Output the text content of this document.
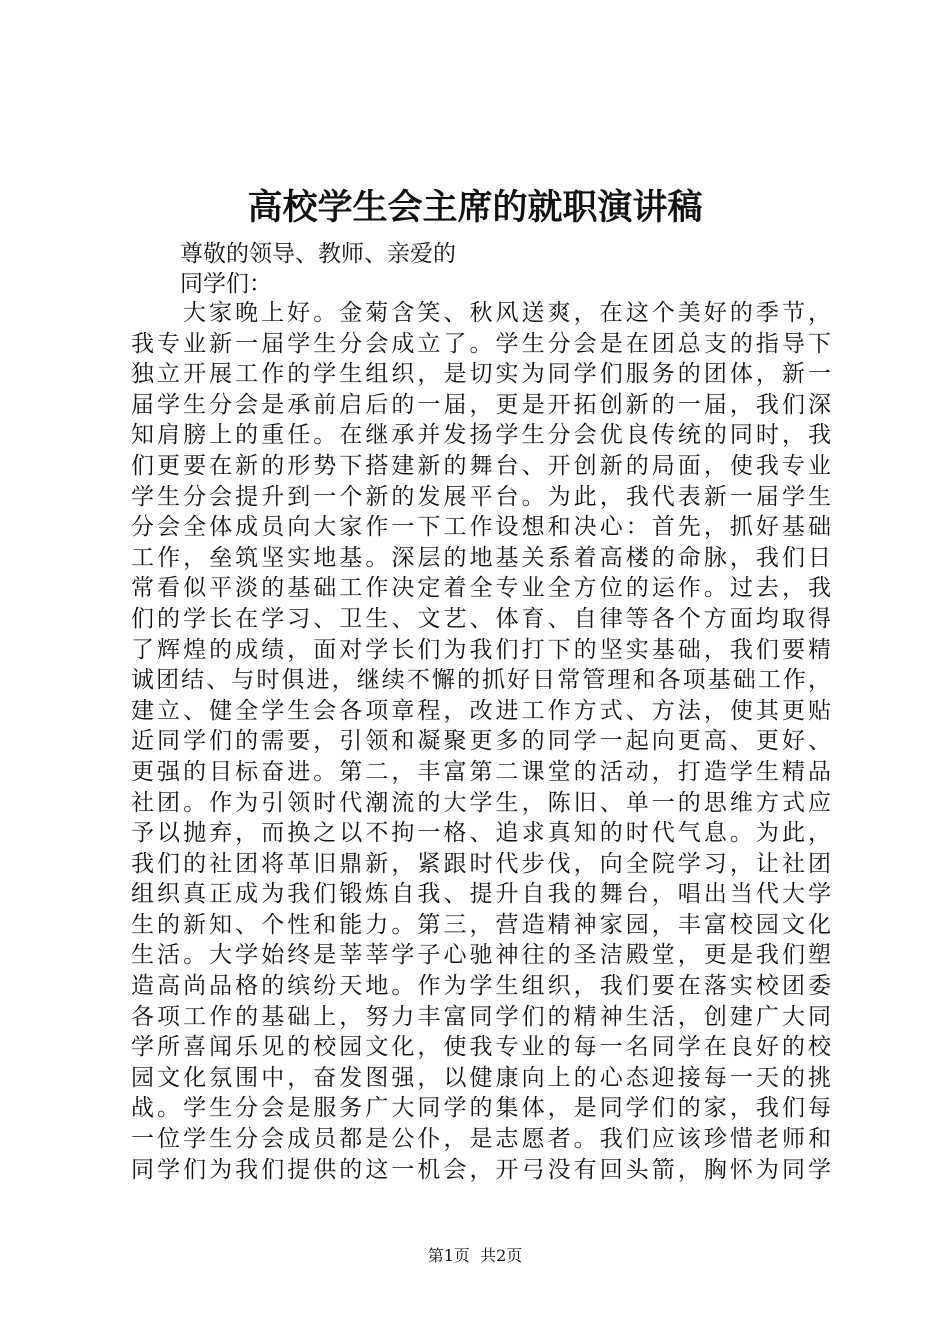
高校学生会主席的就职演讲稿
尊敬的领导、教师、亲爱的
同学们：
大家晚上好。金菊含笑、秋风送爽，在这个美好的季节，
我专业新一届学生分会成立了。学生分会是在团总支的指导下
独立开展工作的学生组织，是切实为同学们服务的团体，新一
届学生分会是承前启后的一届，更是开拓创新的一届，我们深
知肩膀上的重任。在继承并发扬学生分会优良传统的同时，我
们更要在新的形势下搭建新的舞台、开创新的局面，使我专业
学生分会提升到一个新的发展平台。为此，我代表新一届学生
分会全体成员向大家作一下工作设想和决心：首先，抓好基础
工作，垒筑坚实地基。深层的地基关系着高楼的命脉，我们日
常看似平淡的基础工作决定着全专业全方位的运作。过去，我
们的学长在学习、卫生、文艺、体育、自律等各个方面均取得
了辉煌的成绩，面对学长们为我们打下的坚实基础，我们要精
诚团结、与时俱进，继续不懈的抓好日常管理和各项基础工作，
建立、健全学生会各项章程，改进工作方式、方法，使其更贴
近同学们的需要，引领和凝聚更多的同学一起向更高、更好、
更强的目标奋进。第二，丰富第二课堂的活动，打造学生精品
社团。作为引领时代潮流的大学生，陈旧、单一的思维方式应
予以抛弃，而换之以不拘一格、追求真知的时代气息。为此，
我们的社团将革旧鼎新，紧跟时代步伐，向全院学习，让社团
组织真正成为我们锻炼自我、提升自我的舞台，唱出当代大学
生的新知、个性和能力。第三，营造精神家园，丰富校园文化
生活。大学始终是莘莘学子心驰神往的圣洁殿堂，更是我们塑
造高尚品格的缤纷天地。作为学生组织，我们要在落实校团委
各项工作的基础上，努力丰富同学们的精神生活，创建广大同
学所喜闻乐见的校园文化，使我专业的每一名同学在良好的校
园文化氛围中，奋发图强，以健康向上的心态迎接每一天的挑
战。学生分会是服务广大同学的集体，是同学们的家，我们每
一位学生分会成员都是公仆，是志愿者。我们应该珍惜老师和
同学们为我们提供的这一机会，开弓没有回头箭，胸怀为同学
第1页  共2页
